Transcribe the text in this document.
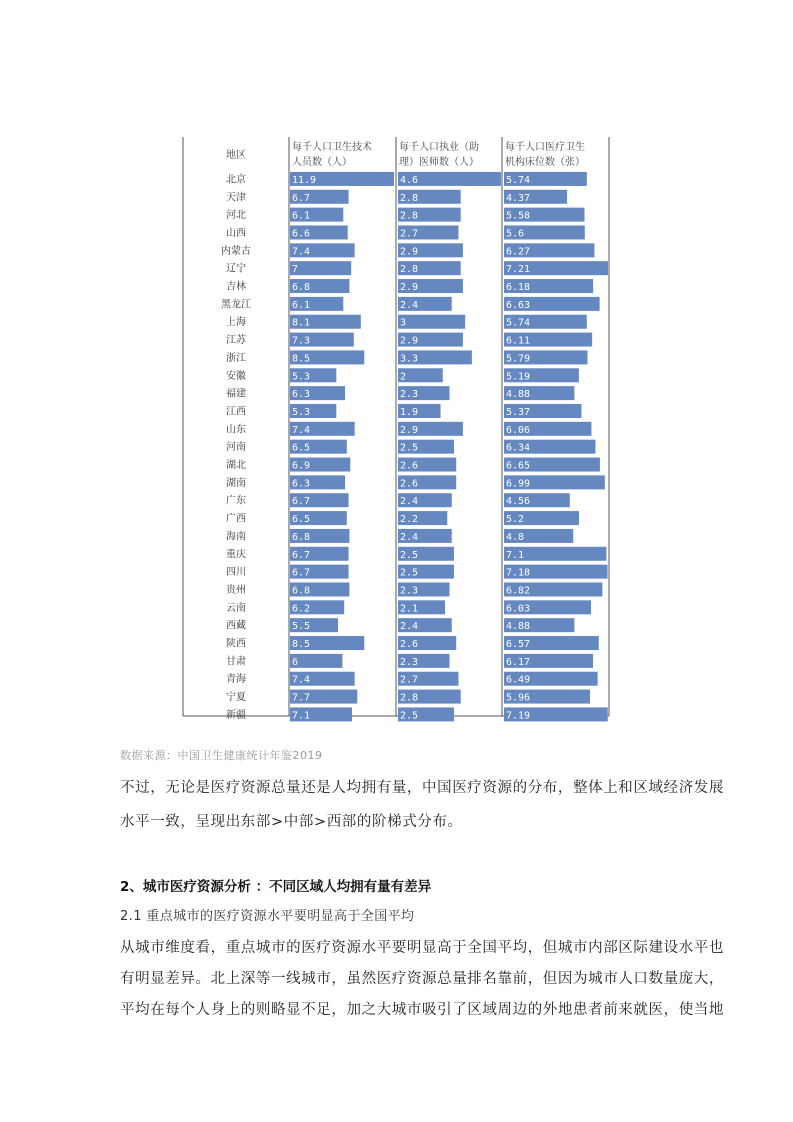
地区
每千人口卫生技术
人员数（人）
每千人口执业（助
理）医师数（人）
每千人口医疗卫生
机构床位数（张）
北京	11.9	4.6	5.74
天津	6.7	2.8	4.37
河北	6.1	2.8	5.58
山西	6.6	2.7	5.6
内蒙古	7.4	2.9	6.27
辽宁	7	2.8	7.21
吉林	6.8	2.9	6.18
黑龙江	6.1	2.4	6.63
上海	8.1	3	5.74
江苏	7.3	2.9	6.11
浙江	8.5	3.3	5.79
安徽	5.3	2	5.19
福建	6.3	2.3	4.88
江西	5.3	1.9	5.37
山东	7.4	2.9	6.06
河南	6.5	2.5	6.34
湖北	6.9	2.6	6.65
湖南	6.3	2.6	6.99
广东	6.7	2.4	4.56
广西	6.5	2.2	5.2
海南	6.8	2.4	4.8
重庆	6.7	2.5	7.1
四川	6.7	2.5	7.18
贵州	6.8	2.3	6.82
云南	6.2	2.1	6.03
西藏	5.5	2.4	4.88
陕西	8.5	2.6	6.57
甘肃	6	2.3	6.17
青海	7.4	2.7	6.49
宁夏	7.7	2.8	5.96
新疆	7.1	2.5	7.19
数据来源：中国卫生健康统计年鉴2019
不过，无论是医疗资源总量还是人均拥有量，中国医疗资源的分布，整体上和区域经济发展
水平一致，呈现出东部>中部>西部的阶梯式分布。
2、城市医疗资源分析 ：不同区域人均拥有量有差异
2.1 重点城市的医疗资源水平要明显高于全国平均
从城市维度看，重点城市的医疗资源水平要明显高于全国平均，但城市内部区际建设水平也
有明显差异。北上深等一线城市，虽然医疗资源总量排名靠前，但因为城市人口数量庞大，
平均在每个人身上的则略显不足，加之大城市吸引了区域周边的外地患者前来就医，使当地
